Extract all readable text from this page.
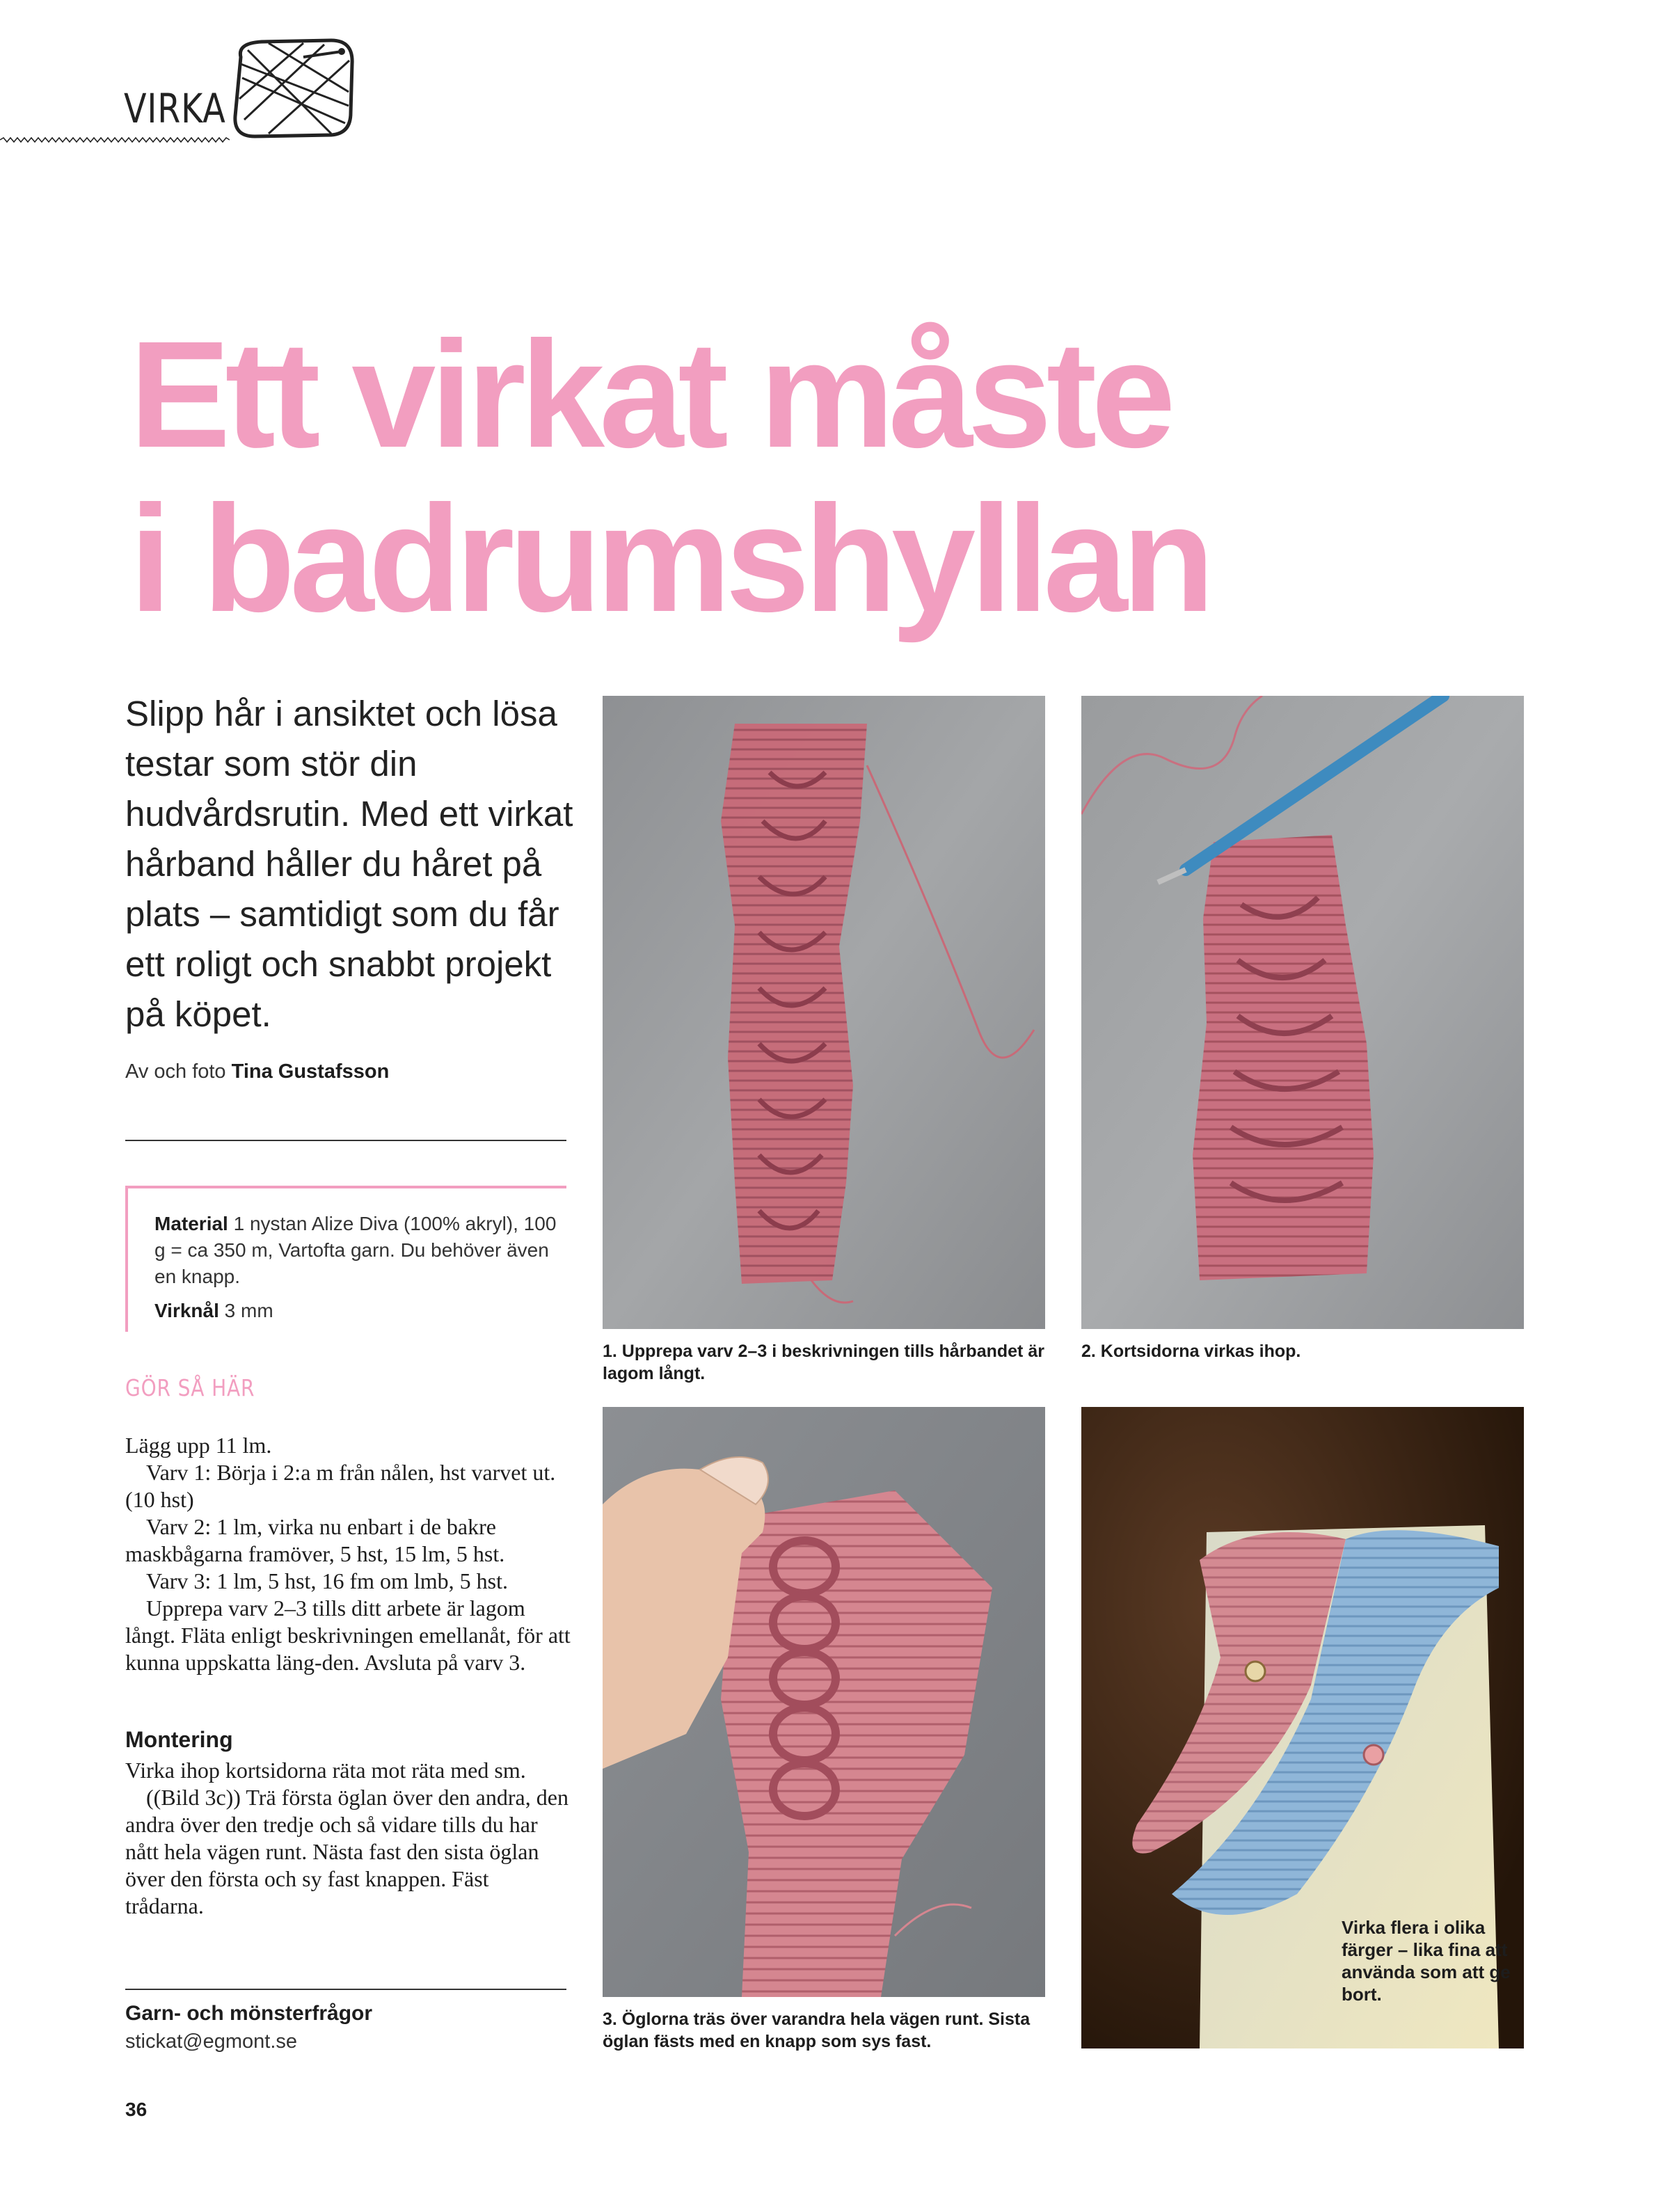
VIRKA
Ett virkat måste
i badrumshyllan
Slipp hår i ansiktet och lösa testar som stör din hudvårdsrutin. Med ett virkat hårband håller du håret på plats – samtidigt som du får ett roligt och snabbt projekt på köpet.
Av och foto Tina Gustafsson
Material 1 nystan Alize Diva (100% akryl), 100 g = ca 350 m, Vartofta garn. Du behöver även en knapp.
Virknål 3 mm
GÖR SÅ HÄR

Lägg upp 11 lm.

Varv 1: Börja i 2:a m från nålen, hst varvet ut. (10 hst)

Varv 2: 1 lm, virka nu enbart i de bakre maskbågarna framöver, 5 hst, 15 lm, 5 hst.

Varv 3: 1 lm, 5 hst, 16 fm om lmb, 5 hst.

Upprepa varv 2–3 tills ditt arbete är lagom långt. Fläta enligt beskrivningen emellanåt, för att kunna uppskatta läng-den. Avsluta på varv 3.

Montering

Virka ihop kortsidorna räta mot räta med sm.

((Bild 3c)) Trä första öglan över den andra, den andra över den tredje och så vidare tills du har nått hela vägen runt. Nästa fast den sista öglan över den första och sy fast knappen. Fäst trådarna.

Garn- och mönsterfrågor
stickat@egmont.se
36
1. Upprepa varv 2–3 i beskrivningen tills hårbandet är lagom långt.
2. Kortsidorna virkas ihop.
3. Öglorna träs över varandra hela vägen runt. Sista öglan fästs med en knapp som sys fast.
Virka flera i olika färger – lika fina att använda som att ge bort.
